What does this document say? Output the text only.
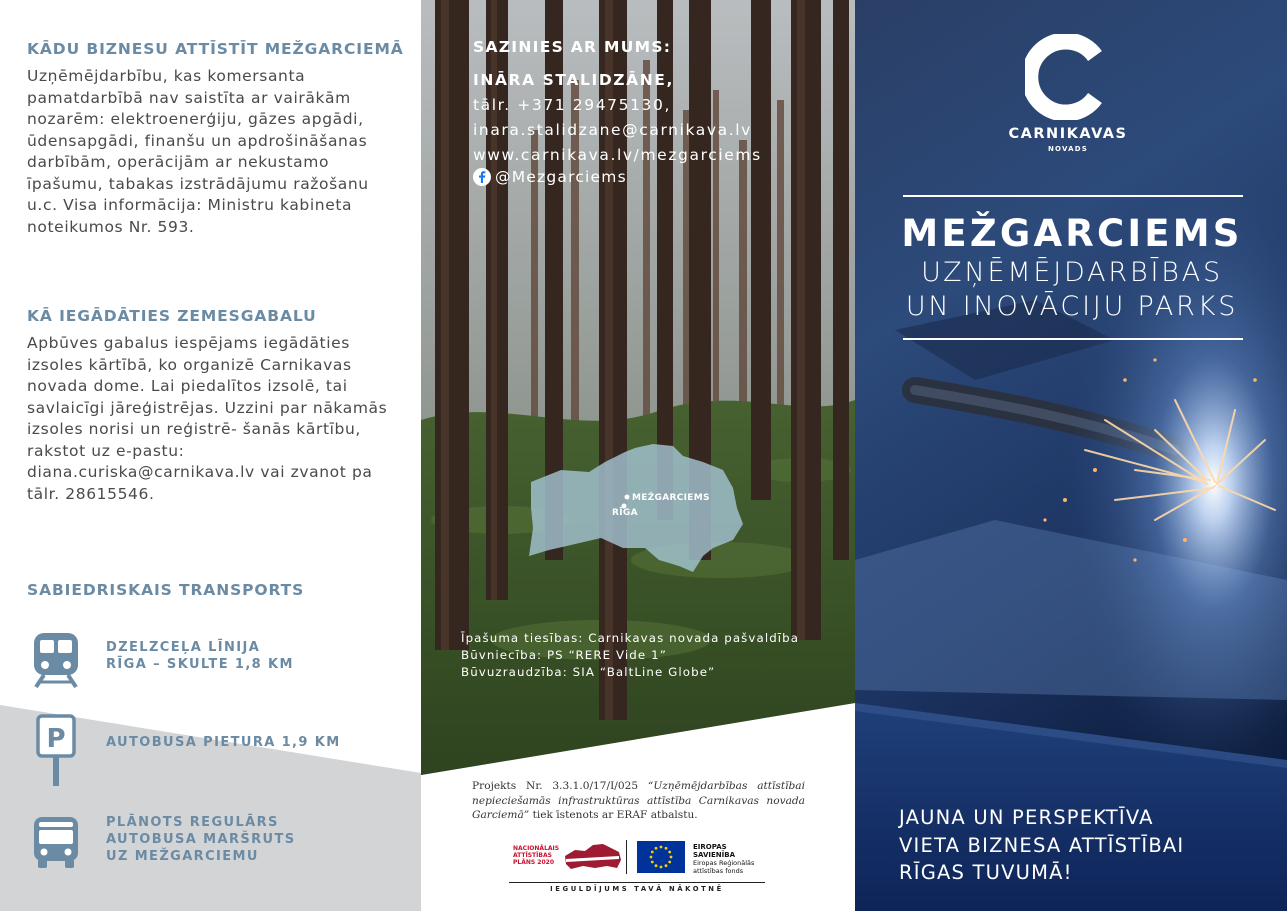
KĀDU BIZNESU ATTĪSTĪT MEŽGARCIEMĀ
Uzņēmējdarbību, kas komersanta pamatdarbībā nav saistīta ar vairākām nozarēm: elektroenerģiju, gāzes apgādi, ūdensapgādi, finanšu un apdrošināšanas darbībām, operācijām ar nekustamo īpašumu, tabakas izstrādājumu ražošanu u.c. Visa informācija: Ministru kabineta noteikumos Nr. 593.
KĀ IEGĀDĀTIES ZEMESGABALU
Apbūves gabalus iespējams iegādāties izsoles kārtībā, ko organizē Carnikavas novada dome. Lai piedalītos izsolē, tai savlaicīgi jāreģistrējas. Uzzini par nākamās izsoles norisi un reģistrē- šanās kārtību, rakstot uz e-pastu: diana.curiska@carnikava.lv vai zvanot pa tālr. 28615546.
SABIEDRISKAIS TRANSPORTS
DZELZCEĻA LĪNIJA
RĪGA – SKULTE 1,8 KM
P	AUTOBUSA PIETURA 1,9 KM
PLĀNOTS REGULĀRS
AUTOBUSA MARŠRUTS
UZ MEŽGARCIEMU
SAZINIES AR MUMS:
INĀRA STALIDZĀNE,
tālr. +371 29475130,
inara.stalidzane@carnikava.lv
www.carnikava.lv/mezgarciems
@Mezgarciems
MEŽGARCIEMS
RĪGA
Īpašuma tiesības: Carnikavas novada pašvaldība
Būvniecība: PS “RERE Vide 1”
Būvuzraudzība: SIA “BaltLine Globe”
Projekts Nr. 3.3.1.0/17/I/025 “Uzņēmējdarbības attīstībai nepieciešamās infrastruktūras attīstība Carnikavas novada Garciemā” tiek īstenots ar ERAF atbalstu.
NACIONĀLAIS
ATTĪSTĪBAS
PLĀNS 2020
EIROPAS SAVIENĪBA
Eiropas Reģionālās
attīstības fonds
IEGULDĪJUMS TAVĀ NĀKOTNĒ
CARNIKAVAS
NOVADS
MEŽGARCIEMS
UZŅĒMĒJDARBĪBAS
UN INOVĀCIJU PARKS
JAUNA UN PERSPEKTĪVA
VIETA BIZNESA ATTĪSTĪBAI
RĪGAS TUVUMĀ!
